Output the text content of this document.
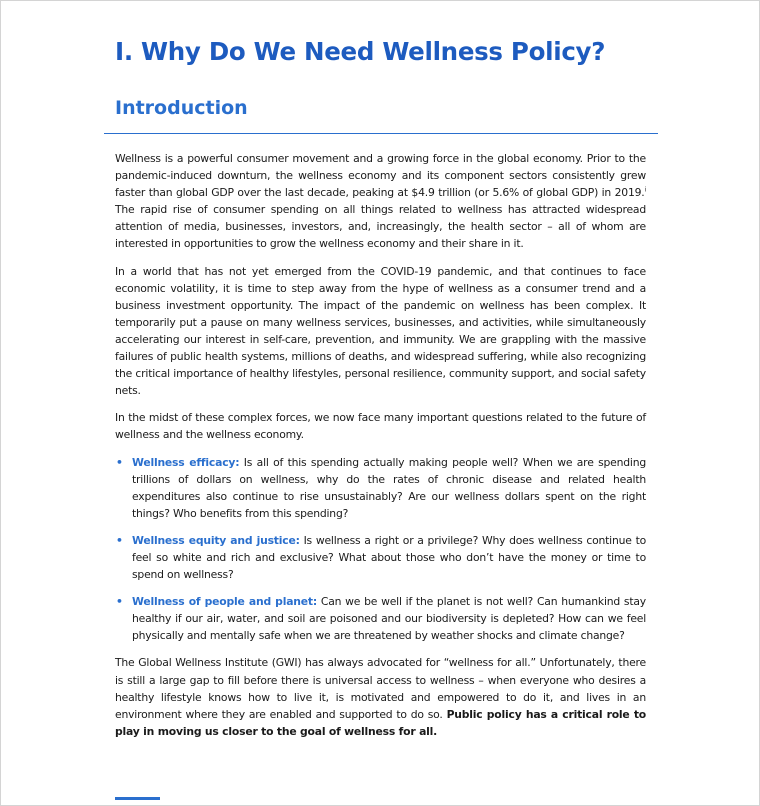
I. Why Do We Need Wellness Policy?
Introduction

Wellness is a powerful consumer movement and a growing force in the global economy. Prior to the pandemic-induced downturn, the wellness economy and its component sectors consistently grew faster than global GDP over the last decade, peaking at $4.9 trillion (or 5.6% of global GDP) in 2019.$^i$ The rapid rise of consumer spending on all things related to wellness has attracted widespread attention of media, businesses, investors, and, increasingly, the health sector – all of whom are interested in opportunities to grow the wellness economy and their share in it.

In a world that has not yet emerged from the COVID-19 pandemic, and that continues to face economic volatility, it is time to step away from the hype of wellness as a consumer trend and a business investment opportunity. The impact of the pandemic on wellness has been complex. It temporarily put a pause on many wellness services, businesses, and activities, while simultaneously accelerating our interest in self-care, prevention, and immunity. We are grappling with the massive failures of public health systems, millions of deaths, and widespread suffering, while also recognizing the critical importance of healthy lifestyles, personal resilience, community support, and social safety nets.

In the midst of these complex forces, we now face many important questions related to the future of wellness and the wellness economy.

• Wellness efficacy: Is all of this spending actually making people well? When we are spending trillions of dollars on wellness, why do the rates of chronic disease and related health expenditures also continue to rise unsustainably? Are our wellness dollars spent on the right things? Who benefits from this spending?
• Wellness equity and justice: Is wellness a right or a privilege? Why does wellness continue to feel so white and rich and exclusive? What about those who don’t have the money or time to spend on wellness?
• Wellness of people and planet: Can we be well if the planet is not well? Can humankind stay healthy if our air, water, and soil are poisoned and our biodiversity is depleted? How can we feel physically and mentally safe when we are threatened by weather shocks and climate change?

The Global Wellness Institute (GWI) has always advocated for “wellness for all.” Unfortunately, there is still a large gap to fill before there is universal access to wellness – when everyone who desires a healthy lifestyle knows how to live it, is motivated and empowered to do it, and lives in an environment where they are enabled and supported to do so. Public policy has a critical role to play in moving us closer to the goal of wellness for all.
